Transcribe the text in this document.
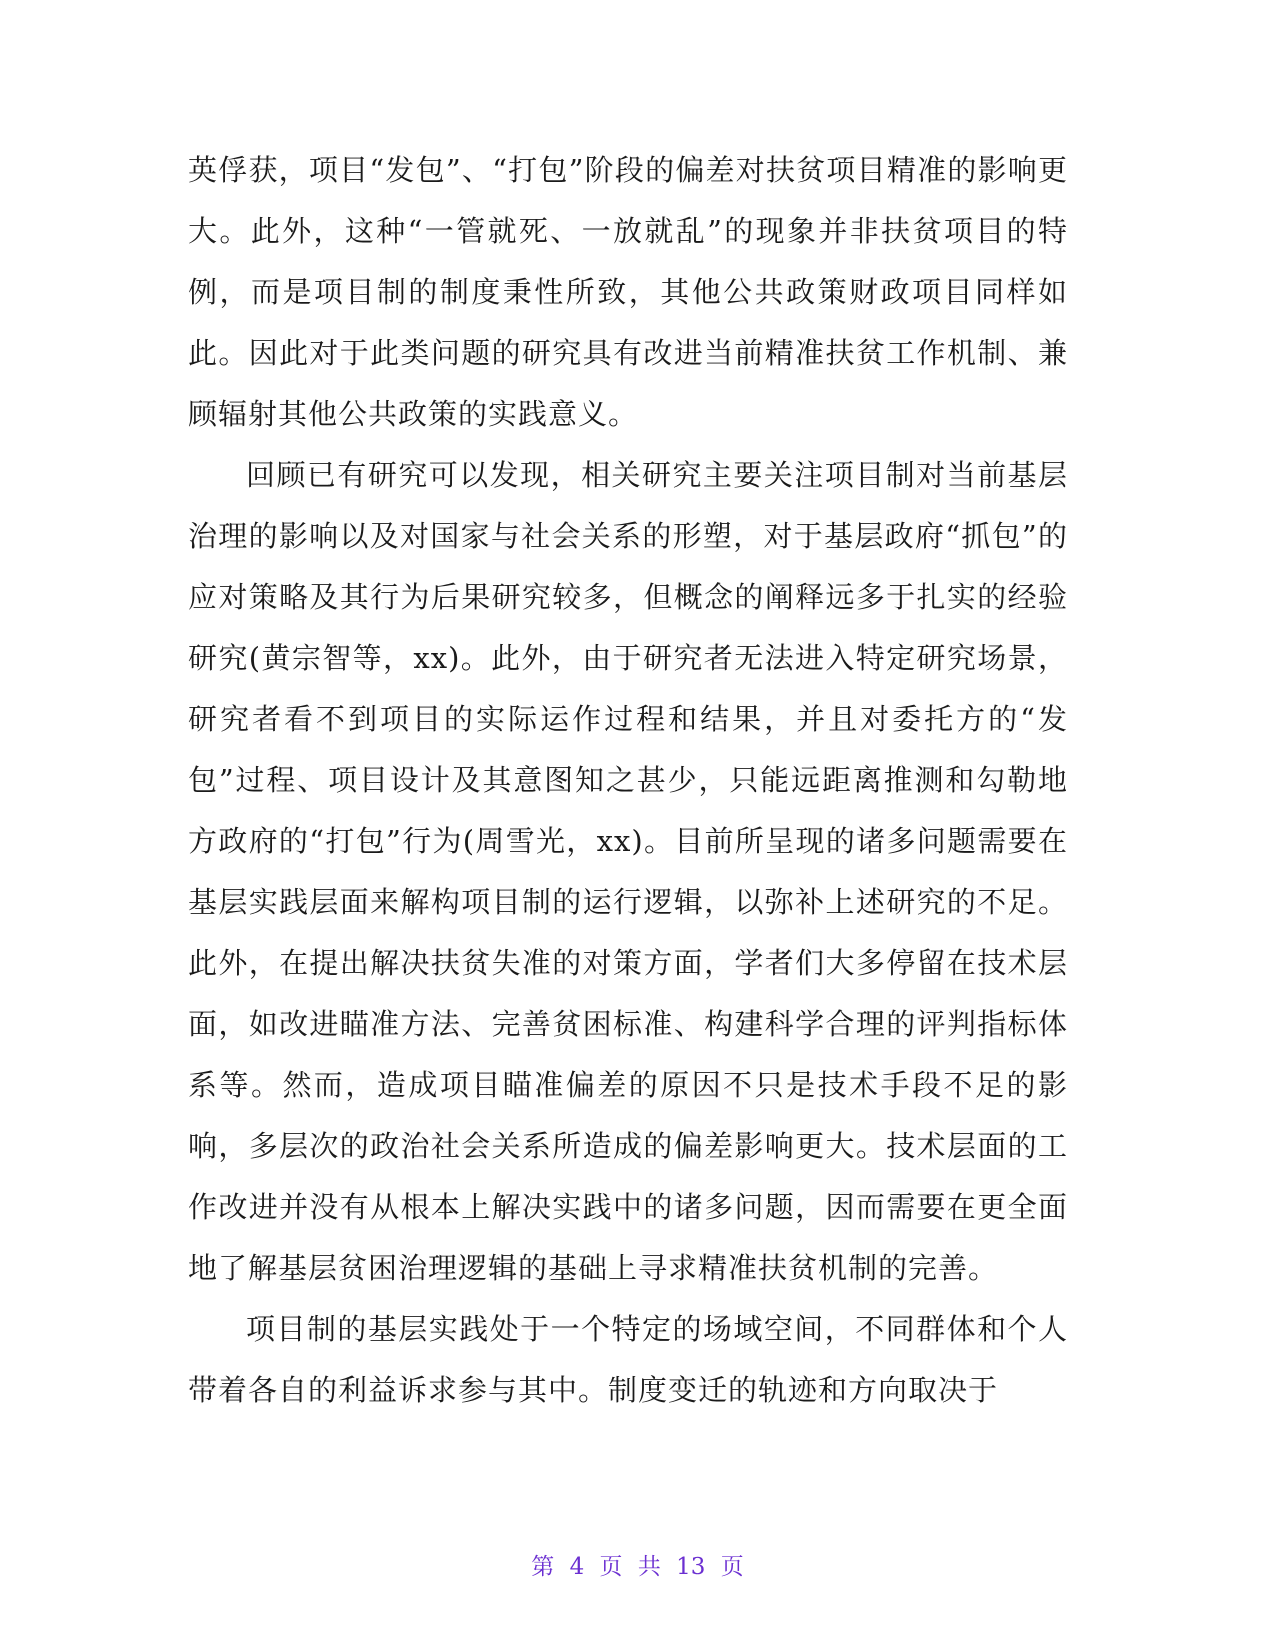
英俘获，项目“发包”、“打包”阶段的偏差对扶贫项目精准的影响更大。此外，这种“一管就死、一放就乱”的现象并非扶贫项目的特例，而是项目制的制度秉性所致，其他公共政策财政项目同样如此。因此对于此类问题的研究具有改进当前精准扶贫工作机制、兼顾辐射其他公共政策的实践意义。

回顾已有研究可以发现，相关研究主要关注项目制对当前基层治理的影响以及对国家与社会关系的形塑，对于基层政府“抓包”的应对策略及其行为后果研究较多，但概念的阐释远多于扎实的经验研究(黄宗智等，xx)。此外，由于研究者无法进入特定研究场景，研究者看不到项目的实际运作过程和结果，并且对委托方的“发包”过程、项目设计及其意图知之甚少，只能远距离推测和勾勒地方政府的“打包”行为(周雪光，xx)。目前所呈现的诸多问题需要在基层实践层面来解构项目制的运行逻辑，以弥补上述研究的不足。此外，在提出解决扶贫失准的对策方面，学者们大多停留在技术层面，如改进瞄准方法、完善贫困标准、构建科学合理的评判指标体系等。然而，造成项目瞄准偏差的原因不只是技术手段不足的影响，多层次的政治社会关系所造成的偏差影响更大。技术层面的工作改进并没有从根本上解决实践中的诸多问题，因而需要在更全面地了解基层贫困治理逻辑的基础上寻求精准扶贫机制的完善。

项目制的基层实践处于一个特定的场域空间，不同群体和个人带着各自的利益诉求参与其中。制度变迁的轨迹和方向取决于

第 4 页 共 13 页
